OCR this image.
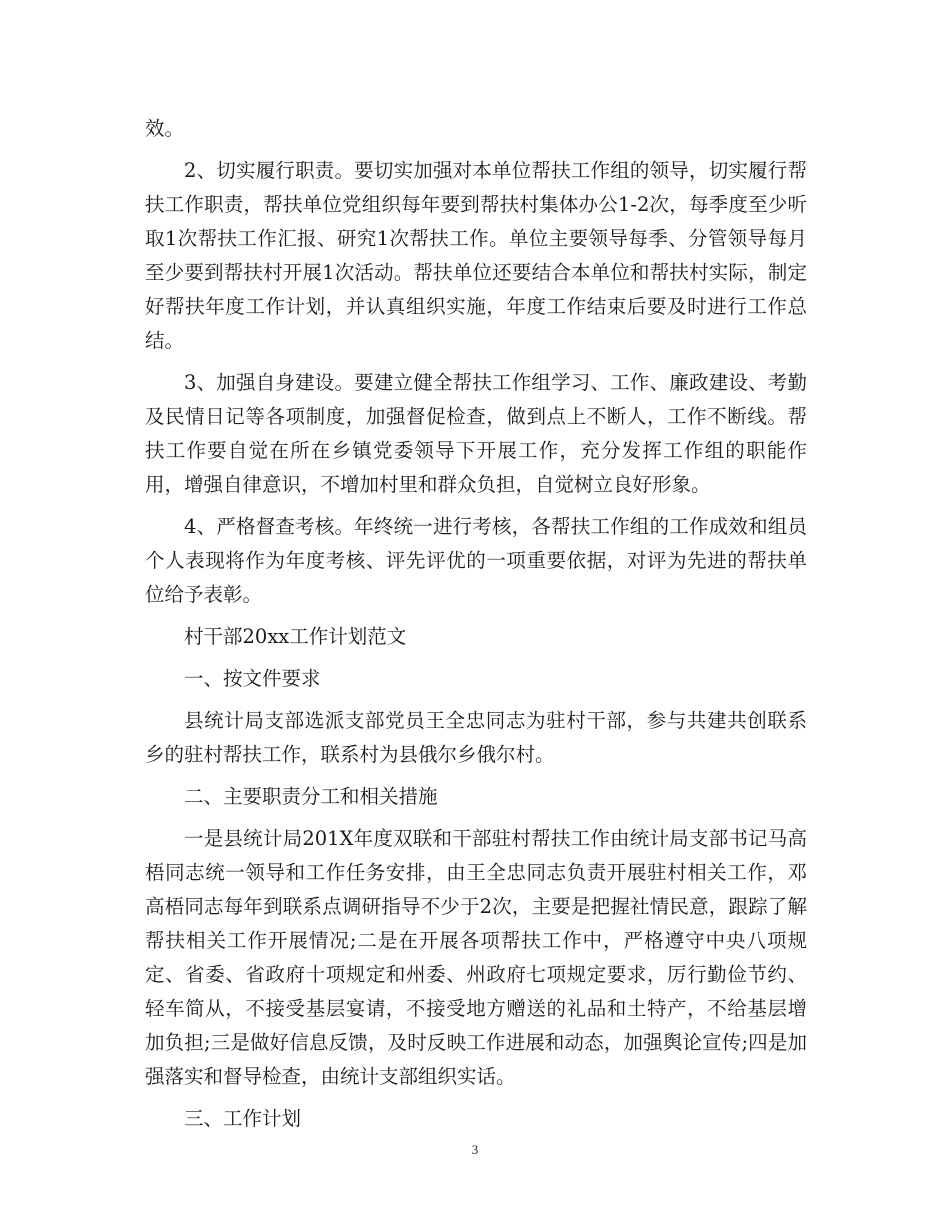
效。

2、切实履行职责。要切实加强对本单位帮扶工作组的领导，切实履行帮扶工作职责，帮扶单位党组织每年要到帮扶村集体办公1-2次，每季度至少听取1次帮扶工作汇报、研究1次帮扶工作。单位主要领导每季、分管领导每月至少要到帮扶村开展1次活动。帮扶单位还要结合本单位和帮扶村实际，制定好帮扶年度工作计划，并认真组织实施，年度工作结束后要及时进行工作总结。

3、加强自身建设。要建立健全帮扶工作组学习、工作、廉政建设、考勤及民情日记等各项制度，加强督促检查，做到点上不断人，工作不断线。帮扶工作要自觉在所在乡镇党委领导下开展工作，充分发挥工作组的职能作用，增强自律意识，不增加村里和群众负担，自觉树立良好形象。

4、严格督查考核。年终统一进行考核，各帮扶工作组的工作成效和组员个人表现将作为年度考核、评先评优的一项重要依据，对评为先进的帮扶单位给予表彰。

村干部20xx工作计划范文

一、按文件要求

县统计局支部选派支部党员王全忠同志为驻村干部，参与共建共创联系乡的驻村帮扶工作，联系村为县俄尔乡俄尔村。

二、主要职责分工和相关措施

一是县统计局201X年度双联和干部驻村帮扶工作由统计局支部书记马高梧同志统一领导和工作任务安排，由王全忠同志负责开展驻村相关工作，邓高梧同志每年到联系点调研指导不少于2次，主要是把握社情民意，跟踪了解帮扶相关工作开展情况;二是在开展各项帮扶工作中，严格遵守中央八项规定、省委、省政府十项规定和州委、州政府七项规定要求，厉行勤俭节约、轻车简从，不接受基层宴请，不接受地方赠送的礼品和土特产，不给基层增加负担;三是做好信息反馈，及时反映工作进展和动态，加强舆论宣传;四是加强落实和督导检查，由统计支部组织实话。

三、工作计划

3
